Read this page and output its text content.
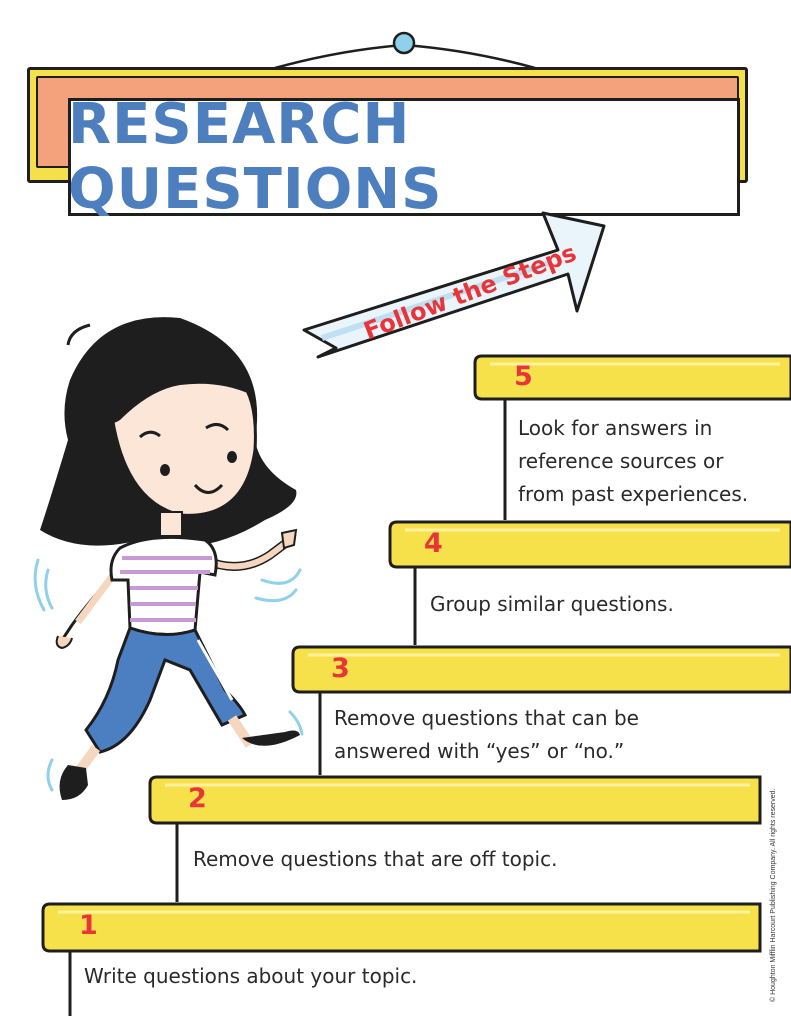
RESEARCH QUESTIONS
Follow the Steps
5
4
3
2
1
Look for answers in
reference sources or
from past experiences.
Group similar questions.
Remove questions that can be
answered with “yes” or “no.”
Remove questions that are off topic.
Write questions about your topic.	© Houghton Mifflin Harcourt Publishing Company. All rights reserved.
